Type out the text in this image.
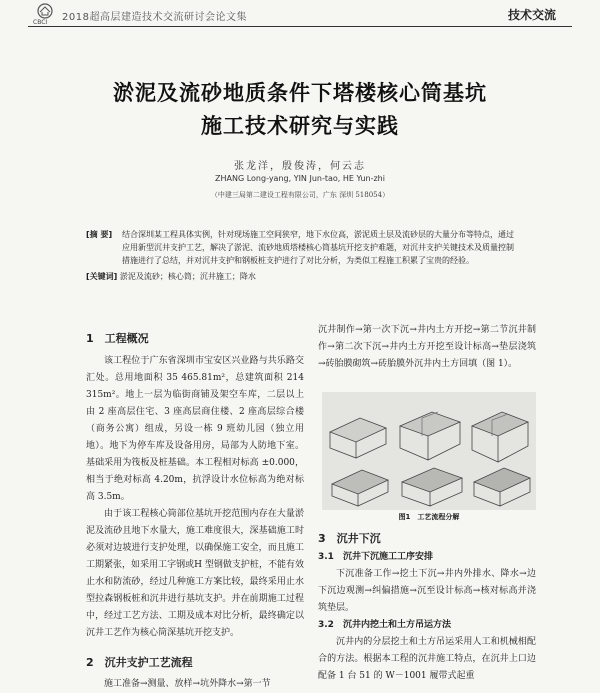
CBCI 2018超高层建造技术交流研讨会论文集	技术交流
淤泥及流砂地质条件下塔楼核心筒基坑
施工技术研究与实践
张龙洋，殷俊涛，何云志
ZHANG Long-yang, YIN Jun-tao, HE Yun-zhi
（中建三局第二建设工程有限公司，广东 深圳 518054）
[摘 要] 结合深圳某工程具体实例，针对现场施工空间狭窄，地下水位高，淤泥质土层及流砂层的大量分布等特点，通过应用新型沉井支护工艺，解决了淤泥、流砂地质塔楼核心筒基坑开挖支护难题，对沉井支护关键技术及质量控制措施进行了总结，并对沉井支护和钢板桩支护进行了对比分析，为类似工程施工积累了宝贵的经验。
[关键词] 淤泥及流砂；核心筒；沉井施工；降水
1　工程概况

该工程位于广东省深圳市宝安区兴业路与共乐路交汇处。总用地面积 35 465.81m²，总建筑面积 214 315m²。地上一层为临街商铺及架空车库，二层以上由 2 座高层住宅、3 座高层商住楼、2 座高层综合楼（商务公寓）组成，另设一栋 9 班幼儿园（独立用地）。地下为停车库及设备用房，局部为人防地下室。基础采用为筏板及桩基础。本工程相对标高 ±0.000，相当于绝对标高 4.20m，抗浮设计水位标高为绝对标高 3.5m。

由于该工程核心筒部位基坑开挖范围内存在大量淤泥及流砂且地下水量大，施工难度很大，深基础施工时必须对边坡进行支护处理，以确保施工安全，而且施工工期紧张，如采用工字钢或H 型钢做支护桩，不能有效止水和防流砂，经过几种施工方案比较，最终采用止水型拉森钢板桩和沉井进行基坑支护。并在前期施工过程中，经过工艺方法、工期及成本对比分析，最终确定以沉井工艺作为核心筒深基坑开挖支护。

2　沉井支护工艺流程

施工准备→测量、放样→坑外降水→第一节

沉井制作→第一次下沉→井内土方开挖→第二节沉井制作→第二次下沉→井内土方开挖至设计标高→垫层浇筑→砖胎膜砌筑→砖胎膜外沉井内土方回填（图 1）。

图1　工艺流程分解
3　沉井下沉
3.1　沉井下沉施工工序安排

下沉准备工作→挖土下沉→井内外排水、降水→边下沉边观测→纠偏措施→沉至设计标高→核对标高并浇筑垫层。

3.2　沉井内挖土和土方吊运方法

沉井内的分层挖土和土方吊运采用人工和机械相配合的方法。根据本工程的沉井施工特点，在沉井上口边配备 1 台 51 的 W－1001 履带式起重
